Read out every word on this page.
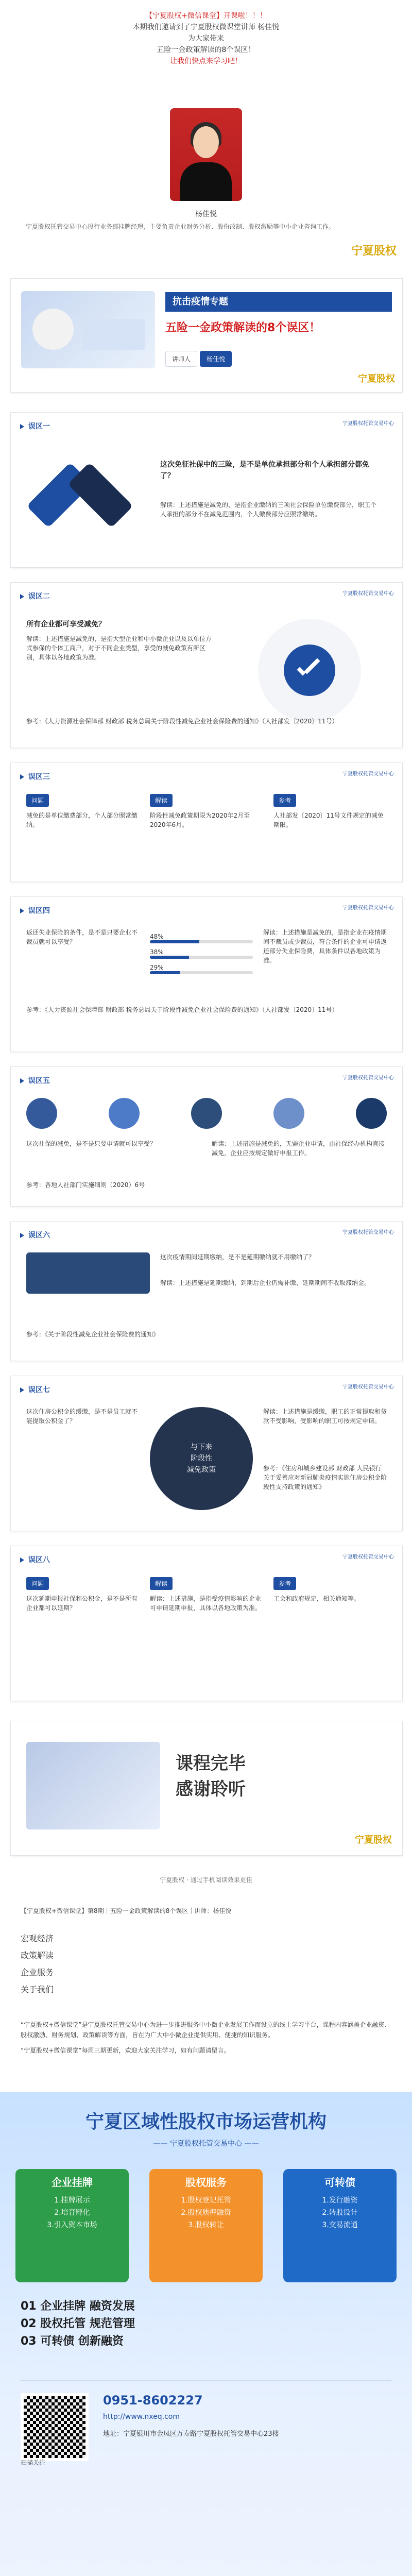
【宁夏股权+微信课堂】开课啦！！！
本期我们邀请到了宁夏股权微课堂讲师 杨佳悦
为大家带来
五险一金政策解读的8个误区！
让我们快点来学习吧！
杨佳悦
宁夏股权托管交易中心投行业务部挂牌经理，主要负责企业财务分析、股份改制、股权激励等中小企业咨询工作。
宁夏股权
抗击疫情专题
五险一金政策解读的8个误区！
讲师人	杨佳悦
宁夏股权
误区一	宁夏股权托管交易中心
这次免征社保中的三险，是不是单位承担部分和个人承担部分都免了？
解读：上述措施是减免的，是指企业缴纳的三项社会保险单位缴费部分，职工个人承担的部分不在减免范围内，个人缴费部分应照常缴纳。
误区二	宁夏股权托管交易中心
所有企业都可享受减免？
解读：上述措施是减免的，是指大型企业和中小微企业以及以单位方式参保的个体工商户，对于不同企业类型，享受的减免政策有所区别，具体以各地政策为准。
参考：《人力资源社会保障部 财政部 税务总局关于阶段性减免企业社会保险费的通知》（人社部发〔2020〕11号）
误区三	宁夏股权托管交易中心
问题
减免的是单位缴费部分，个人部分照常缴纳。
解读
阶段性减免政策期限为2020年2月至2020年6月。
参考
人社部发〔2020〕11号文件规定的减免期限。
误区四	宁夏股权托管交易中心
返还失业保险的条件，是不是只要企业不裁员就可以享受？
48%
38%
29%
解读：上述措施是减免的，是指企业在疫情期间不裁员或少裁员，符合条件的企业可申请返还部分失业保险费，具体条件以各地政策为准。
参考：《人力资源社会保障部 财政部 税务总局关于阶段性减免企业社会保险费的通知》（人社部发〔2020〕11号）
误区五	宁夏股权托管交易中心
这次社保的减免，是不是只要申请就可以享受？	解读：上述措施是减免的，无需企业申请，由社保经办机构直接减免，企业应按规定做好申报工作。
参考：各地人社部门实施细则（2020）6号
误区六	宁夏股权托管交易中心
这次疫情期间延期缴纳，是不是延期缴纳就不用缴纳了？
解读：上述措施是延期缴纳，到期后企业仍需补缴，延期期间不收取滞纳金。
参考：《关于阶段性减免企业社会保险费的通知》
误区七	宁夏股权托管交易中心
这次住房公积金的缓缴，是不是员工就不能提取公积金了？
与下来
阶段性
减免政策
解读：上述措施是缓缴，职工的正常提取和贷款不受影响，受影响的职工可按规定申请。
参考：《住房和城乡建设部 财政部 人民银行关于妥善应对新冠肺炎疫情实施住房公积金阶段性支持政策的通知》
误区八	宁夏股权托管交易中心
问题
这次延期申报社保和公积金，是不是所有企业都可以延期？
解读
解读：上述措施，是指受疫情影响的企业可申请延期申报，具体以各地政策为准。
参考
工会和政府规定，相关通知等。
课程完毕
感谢聆听
宁夏股权
宁夏股权 · 通过手机阅读效果更佳
【宁夏股权+微信课堂】第8期｜五险一金政策解读的8个误区｜讲师：杨佳悦
宏观经济
政策解读
企业服务
关于我们
“宁夏股权+微信课堂”是宁夏股权托管交易中心为进一步推进服务中小微企业发展工作而设立的线上学习平台，课程内容涵盖企业融资、股权激励、财务规划、政策解读等方面，旨在为广大中小微企业提供实用、便捷的知识服务。
“宁夏股权+微信课堂”每周三期更新，欢迎大家关注学习，如有问题请留言。
宁夏区域性股权市场运营机构
—— 宁夏股权托管交易中心 ——
企业挂牌
1.挂牌展示
2.培育孵化
3.引入资本市场
股权服务
1.股权登记托管
2.股权质押融资
3.股权转让
可转债
1.发行融资
2.转股设计
3.交易流通
01 企业挂牌 融资发展
02 股权托管 规范管理
03 可转债 创新融资
扫描关注
0951-8602227
http://www.nxeq.com
地址：宁夏银川市金凤区万寿路宁夏股权托管交易中心23楼
